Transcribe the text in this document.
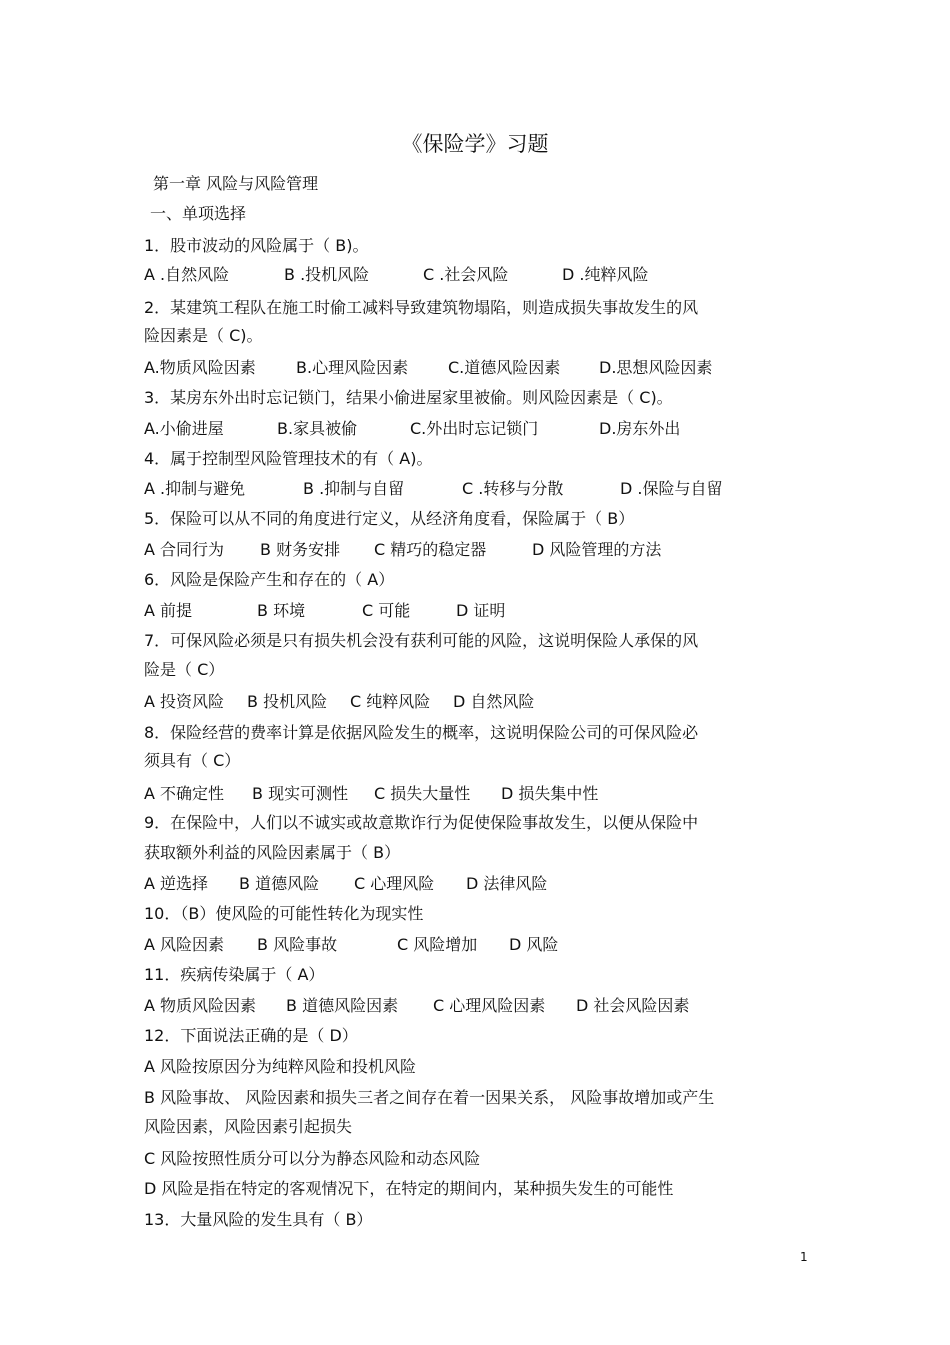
《保险学》习题
第一章 风险与风险管理
一、单项选择
1．股市波动的风险属于（ B)。
A .自然风险	B .投机风险	C .社会风险	D .纯粹风险
2．某建筑工程队在施工时偷工减料导致建筑物塌陷，则造成损失事故发生的风
险因素是（ C)。
A.物质风险因素	B.心理风险因素 C.道德风险因素 D.思想风险因素
3．某房东外出时忘记锁门，结果小偷进屋家里被偷。则风险因素是（ C)。
A.小偷进屋	B.家具被偷	C.外出时忘记锁门	D.房东外出
4．属于控制型风险管理技术的有（ A)。
A .抑制与避免	B .抑制与自留	C .转移与分散	D .保险与自留
5．保险可以从不同的角度进行定义，从经济角度看，保险属于（ B）
A 合同行为 B 财务安排 C 精巧的稳定器	D 风险管理的方法
6．风险是保险产生和存在的（ A）
A 前提	B 环境	C 可能	D 证明
7．可保风险必须是只有损失机会没有获利可能的风险，这说明保险人承保的风
险是（ C）
A 投资风险 B 投机风险 C 纯粹风险 D 自然风险
8．保险经营的费率计算是依据风险发生的概率，这说明保险公司的可保风险必
须具有（ C）
A 不确定性 B 现实可测性 C 损失大量性 D 损失集中性
9．在保险中，人们以不诚实或故意欺诈行为促使保险事故发生，以便从保险中
获取额外利益的风险因素属于（ B）
A 逆选择 B 道德风险 C 心理风险 D 法律风险
10．（B）使风险的可能性转化为现实性
A 风险因素 B 风险事故	C 风险增加 D 风险
11．疾病传染属于（ A）
A 物质风险因素 B 道德风险因素 C 心理风险因素 D 社会风险因素
12．下面说法正确的是（ D）
A 风险按原因分为纯粹风险和投机风险
B 风险事故、 风险因素和损失三者之间存在着一因果关系， 风险事故增加或产生
风险因素，风险因素引起损失
C 风险按照性质分可以分为静态风险和动态风险
D 风险是指在特定的客观情况下，在特定的期间内，某种损失发生的可能性
13．大量风险的发生具有（ B）
1
